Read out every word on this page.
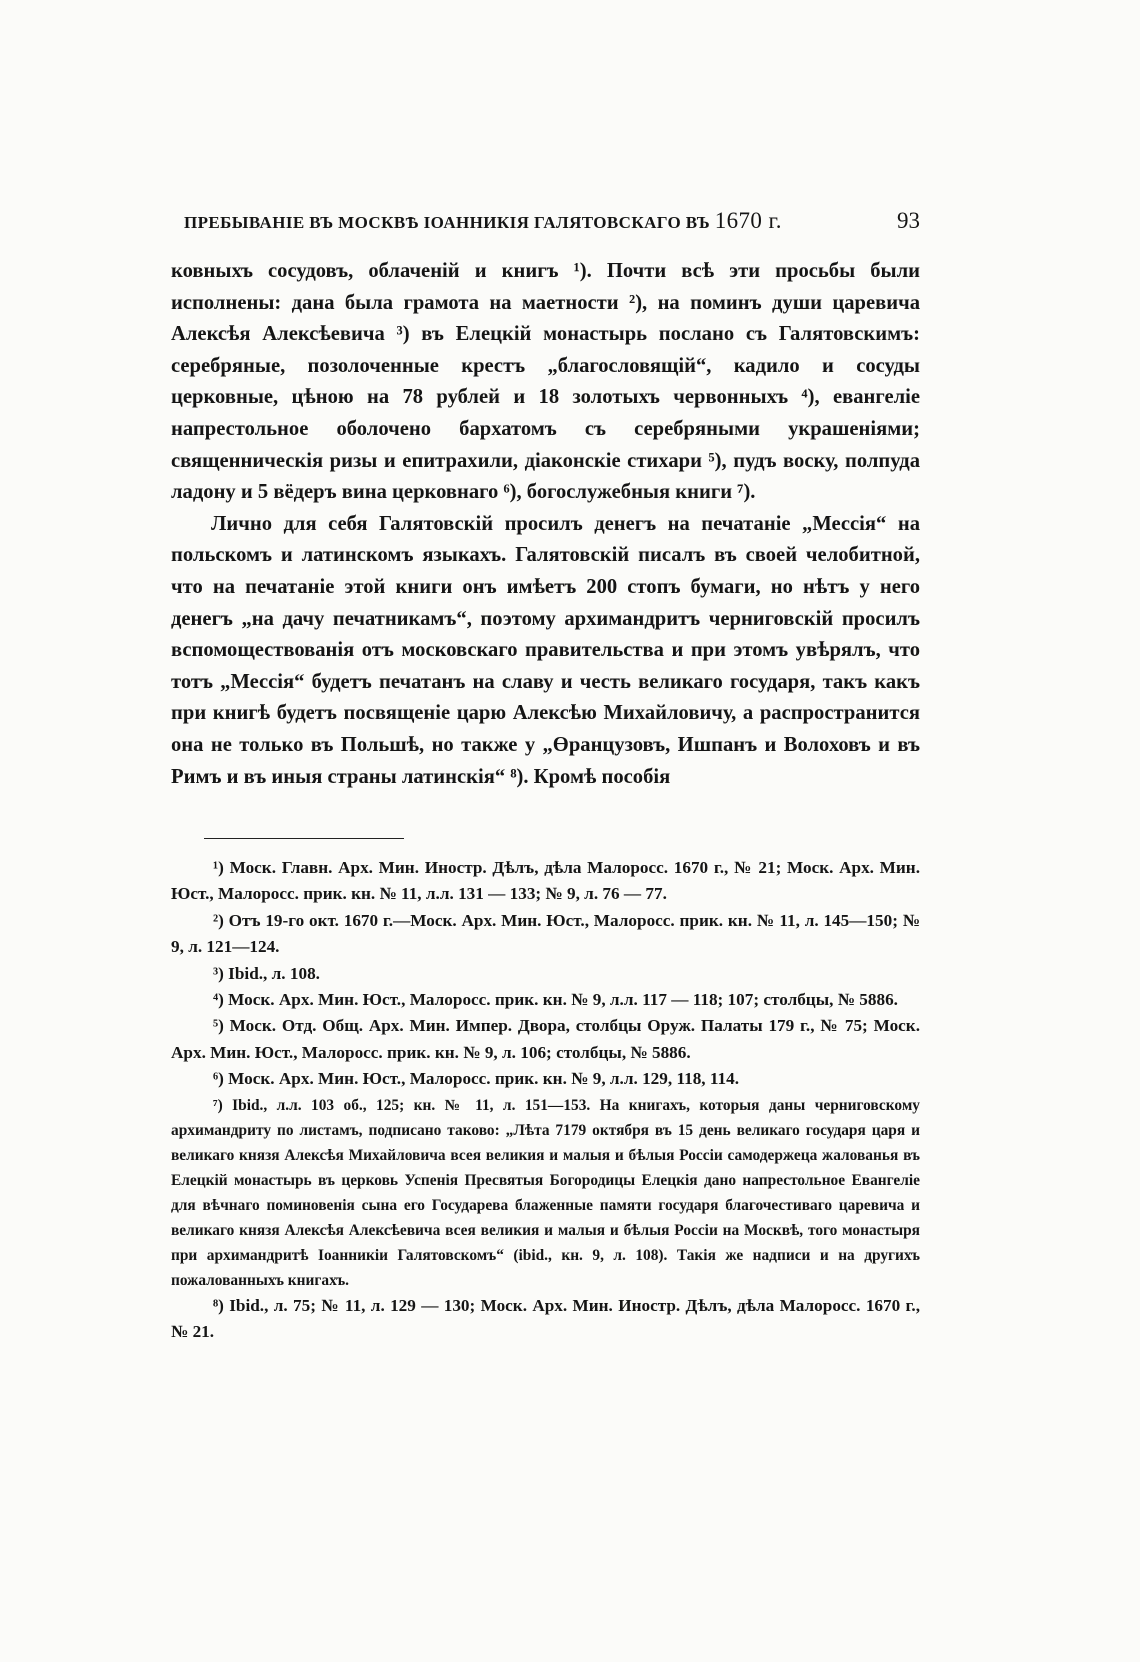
ПРЕБЫВАНІЕ ВЪ МОСКВѢ ІОАННИКІЯ ГАЛЯТОВСКАГО ВЪ 1670 г.	93

ковныхъ сосудовъ, облаченій и книгъ ¹). Почти всѣ эти просьбы были исполнены: дана была грамота на маетности ²), на поминъ души царевича Алексѣя Алексѣевича ³) въ Елецкій монастырь послано съ Галятовскимъ: серебряные, позолоченные крестъ „благословящій“, кадило и сосуды церковные, цѣною на 78 рублей и 18 золотыхъ червонныхъ ⁴), евангеліе напрестольное оболочено бархатомъ съ серебряными украшеніями; священническія ризы и епитрахили, діаконскіе стихари ⁵), пудъ воску, полпуда ладону и 5 вёдеръ вина церковнаго ⁶), богослужебныя книги ⁷).

Лично для себя Галятовскій просилъ денегъ на печатаніе „Мессія“ на польскомъ и латинскомъ языкахъ. Галятовскій писалъ въ своей челобитной, что на печатаніе этой книги онъ имѣетъ 200 стопъ бумаги, но нѣтъ у него денегъ „на дачу печатникамъ“, поэтому архимандритъ черниговскій просилъ вспомоществованія отъ московскаго правительства и при этомъ увѣрялъ, что тотъ „Мессія“ будетъ печатанъ на славу и честь великаго государя, такъ какъ при книгѣ будетъ посвященіе царю Алексѣю Михайловичу, а распространится она не только въ Польшѣ, но также у „Өранцузовъ, Ишпанъ и Волоховъ и въ Римъ и въ иныя страны латинскія“ ⁸). Кромѣ пособія

¹) Моск. Главн. Арх. Мин. Иностр. Дѣлъ, дѣла Малоросс. 1670 г., № 21; Моск. Арх. Мин. Юст., Малоросс. прик. кн. № 11, л.л. 131 — 133; № 9, л. 76 — 77.

²) Отъ 19-го окт. 1670 г.—Моск. Арх. Мин. Юст., Малоросс. прик. кн. № 11, л. 145—150; № 9, л. 121—124.

³) Ibid., л. 108.

⁴) Моск. Арх. Мин. Юст., Малоросс. прик. кн. № 9, л.л. 117 — 118; 107; столбцы, № 5886.

⁵) Моск. Отд. Общ. Арх. Мин. Импер. Двора, столбцы Оруж. Палаты 179 г., № 75; Моск. Арх. Мин. Юст., Малоросс. прик. кн. № 9, л. 106; столбцы, № 5886.

⁶) Моск. Арх. Мин. Юст., Малоросс. прик. кн. № 9, л.л. 129, 118, 114.

⁷) Ibid., л.л. 103 об., 125; кн. № 11, л. 151—153. На книгахъ, которыя даны черниговскому архимандриту по листамъ, подписано таково: „Лѣта 7179 октября въ 15 день великаго государя царя и великаго князя Алексѣя Михайловича всея великия и малыя и бѣлыя Россіи самодержеца жалованья въ Елецкій монастырь въ церковь Успенія Пресвятыя Богородицы Елецкія дано напрестольное Евангеліе для вѣчнаго поминовенія сына его Государева блаженные памяти государя благочестиваго царевича и великаго князя Алексѣя Алексѣевича всея великия и малыя и бѣлыя Россіи на Москвѣ, того монастыря при архимандритѣ Іоанникіи Галятовскомъ“ (ibid., кн. 9, л. 108). Такія же надписи и на другихъ пожалованныхъ книгахъ.

⁸) Ibid., л. 75; № 11, л. 129 — 130; Моск. Арх. Мин. Иностр. Дѣлъ, дѣла Малоросс. 1670 г., № 21.
